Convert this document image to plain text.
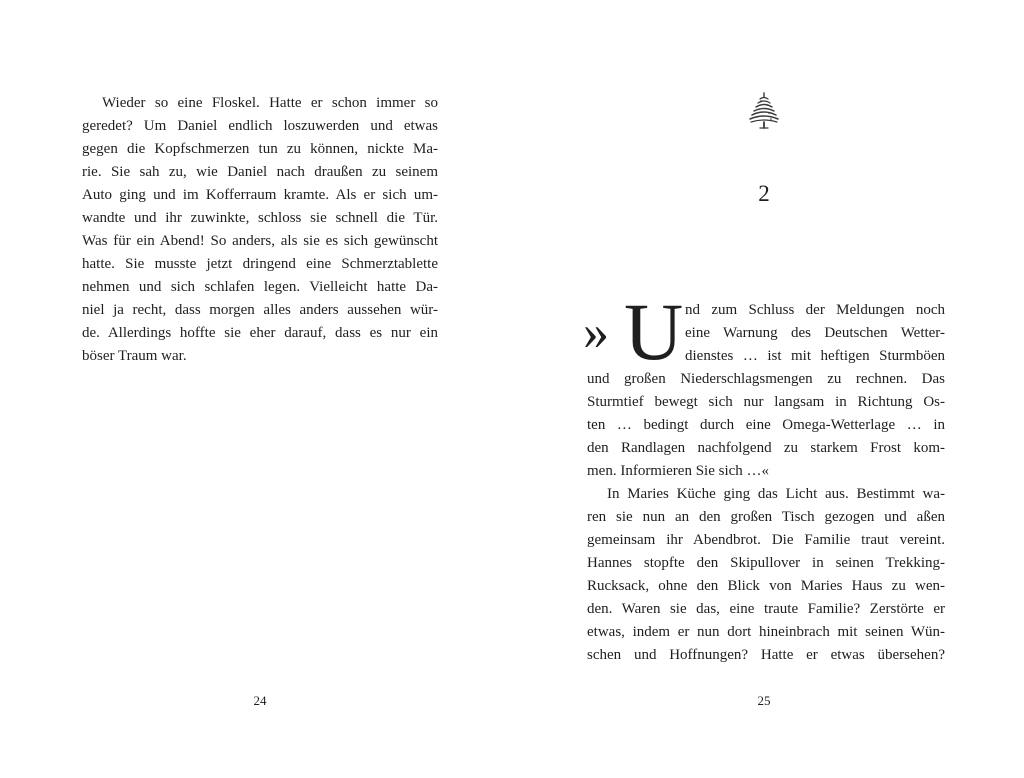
Wieder so eine Floskel. Hatte er schon immer so
geredet? Um Daniel endlich loszuwerden und etwas
gegen die Kopfschmerzen tun zu können, nickte Ma-
rie. Sie sah zu, wie Daniel nach draußen zu seinem
Auto ging und im Kofferraum kramte. Als er sich um-
wandte und ihr zuwinkte, schloss sie schnell die Tür.
Was für ein Abend! So anders, als sie es sich gewünscht
hatte. Sie musste jetzt dringend eine Schmerztablette
nehmen und sich schlafen legen. Vielleicht hatte Da-
niel ja recht, dass morgen alles anders aussehen wür-
de. Allerdings hoffte sie eher darauf, dass es nur ein
böser Traum war.
24
2
» U nd zum Schluss der Meldungen noch
eine Warnung des Deutschen Wetter-
dienstes … ist mit heftigen Sturmböen
und großen Niederschlagsmengen zu rechnen. Das
Sturmtief bewegt sich nur langsam in Richtung Os-
ten … bedingt durch eine Omega-Wetterlage … in
den Randlagen nachfolgend zu starkem Frost kom-
men. Informieren Sie sich …«
In Maries Küche ging das Licht aus. Bestimmt wa-
ren sie nun an den großen Tisch gezogen und aßen
gemeinsam ihr Abendbrot. Die Familie traut vereint.
Hannes stopfte den Skipullover in seinen Trekking-
Rucksack, ohne den Blick von Maries Haus zu wen-
den. Waren sie das, eine traute Familie? Zerstörte er
etwas, indem er nun dort hineinbrach mit seinen Wün-
schen und Hoffnungen? Hatte er etwas übersehen?
25
